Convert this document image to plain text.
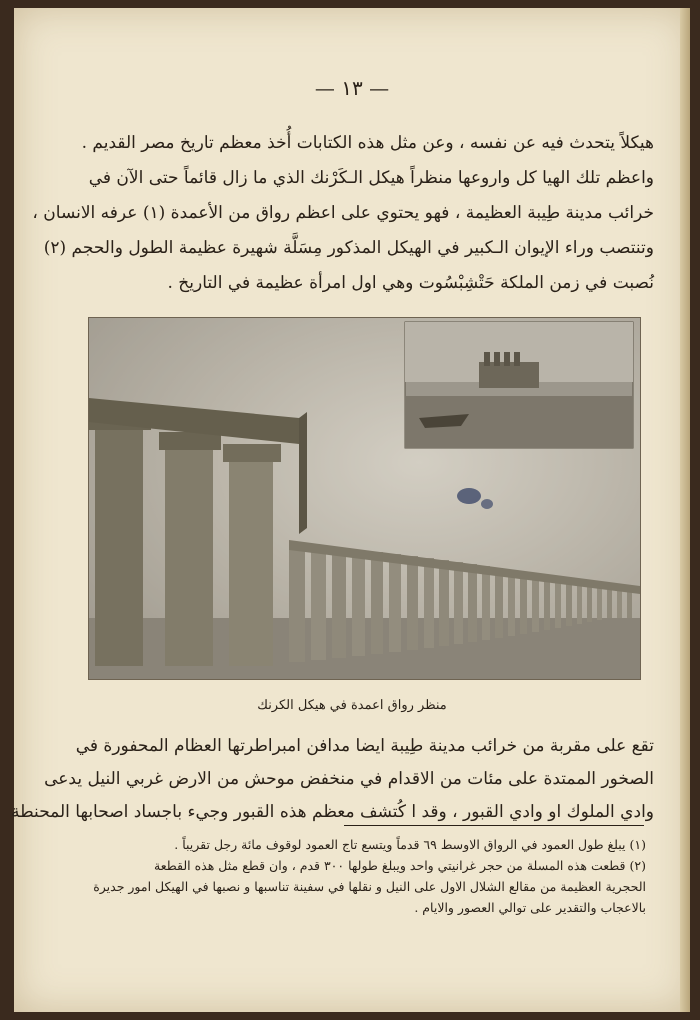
— ١٣ —
هيكلاً يتحدث فيه عن نفسه ، وعن مثل هذه الكتابات أُخذ معظم تاريخ مصر القديم .
واعظم تلك الهيا كل واروعها منظراً هيكل الـكَرْنك الذي ما زال قائماً حتى الآن في
خرائب مدينة طِيبة العظيمة ، فهو يحتوي على اعظم رواق من الأعمدة (١) عرفه الانسان ،
وتنتصب وراء الإيوان الـكبير في الهيكل المذكور مِسَلَّة شهيرة عظيمة الطول والحجم (٢)
نُصبت في زمن الملكة حَتْشِبْسُوت وهي اول امرأة عظيمة في التاريخ .
منظر رواق اعمدة في هيكل الكرنك
تقع على مقربة من خرائب مدينة طِيبة ايضا مدافن امبراطرتها العظام المحفورة في
الصخور الممتدة على مئات من الاقدام في منخفض موحش من الارض غربي النيل يدعى
وادي الملوك او وادي القبور ، وقد ا كُتشف معظم هذه القبور وجيء باجساد اصحابها المحنطة
(١) يبلغ طول العمود في الرواق الاوسط ٦٩ قدماً ويتسع تاج العمود لوقوف مائة رجل تقريباً .
(٢) قطعت هذه المسلة من حجر غرانيتي واحد ويبلغ طولها ٣٠٠ قدم ، وان قطع مثل هذه القطعة
الحجرية العظيمة من مقالع الشلال الاول على النيل و نقلها في سفينة تناسبها و نصبها في الهيكل امور جديرة
بالاعجاب والتقدير على توالي العصور والايام .
